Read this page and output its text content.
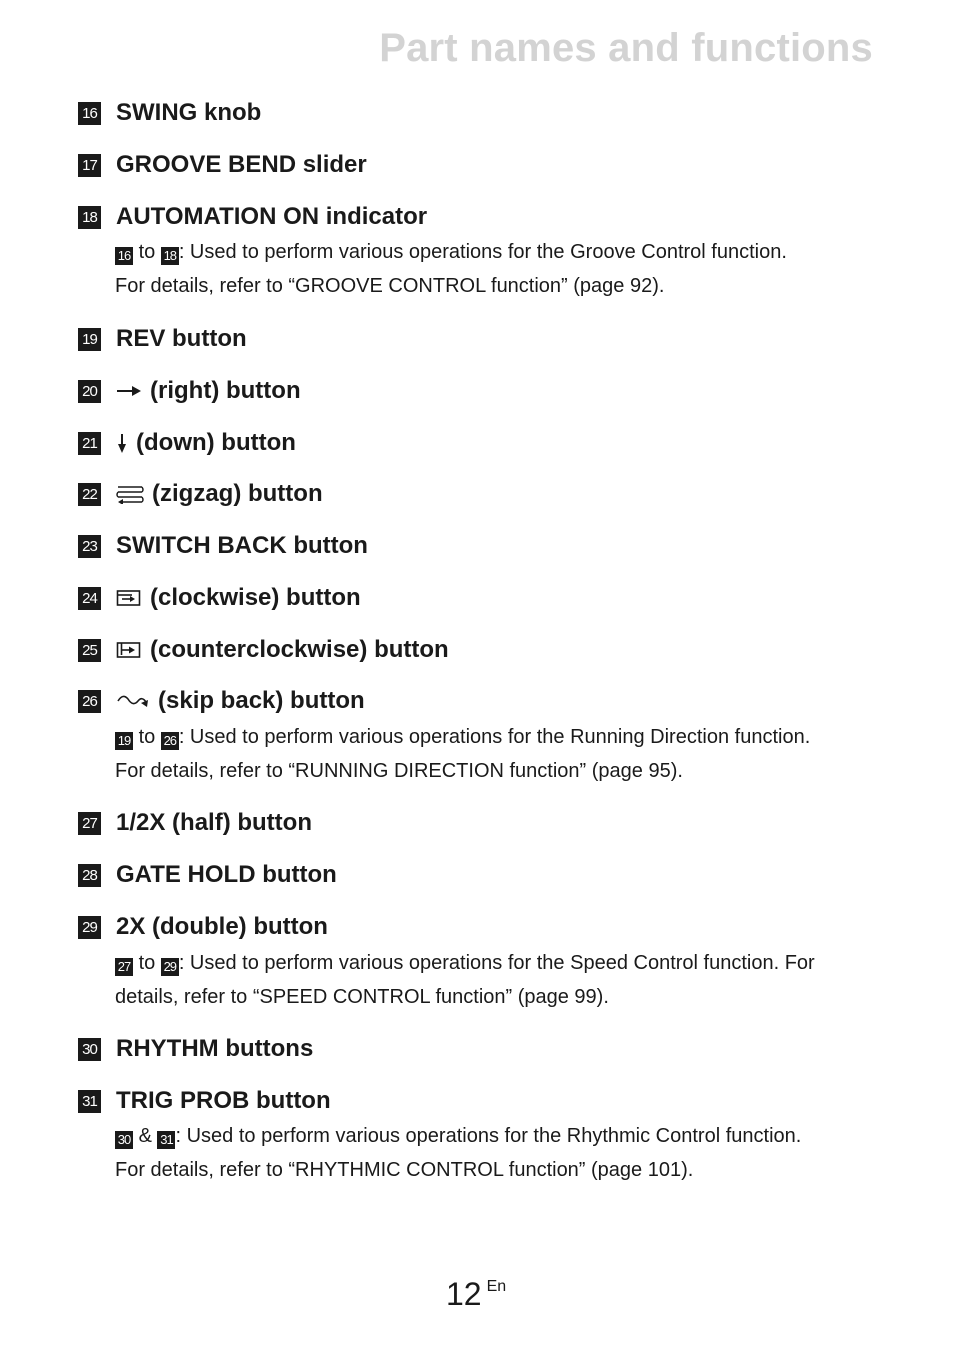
Part names and functions
16 SWING knob
17 GROOVE BEND slider
18 AUTOMATION ON indicator
16 to 18 : Used to perform various operations for the Groove Control function.
For details, refer to “GROOVE CONTROL function” (page 92).
19 REV button
20 (right) button
21 (down) button
22 (zigzag) button
23 SWITCH BACK button
24 (clockwise) button
25 (counterclockwise) button
26	(skip back) button
19 to 26 : Used to perform various operations for the Running Direction function.
For details, refer to “RUNNING DIRECTION function” (page 95).
27 1/2X (half) button
28 GATE HOLD button
29 2X (double) button
27 to 29 : Used to perform various operations for the Speed Control function. For
details, refer to “SPEED CONTROL function” (page 99).
30 RHYTHM buttons
31 TRIG PROB button
30 & 31 : Used to perform various operations for the Rhythmic Control function.
For details, refer to “RHYTHMIC CONTROL function” (page 101).
12 $^{En}$
